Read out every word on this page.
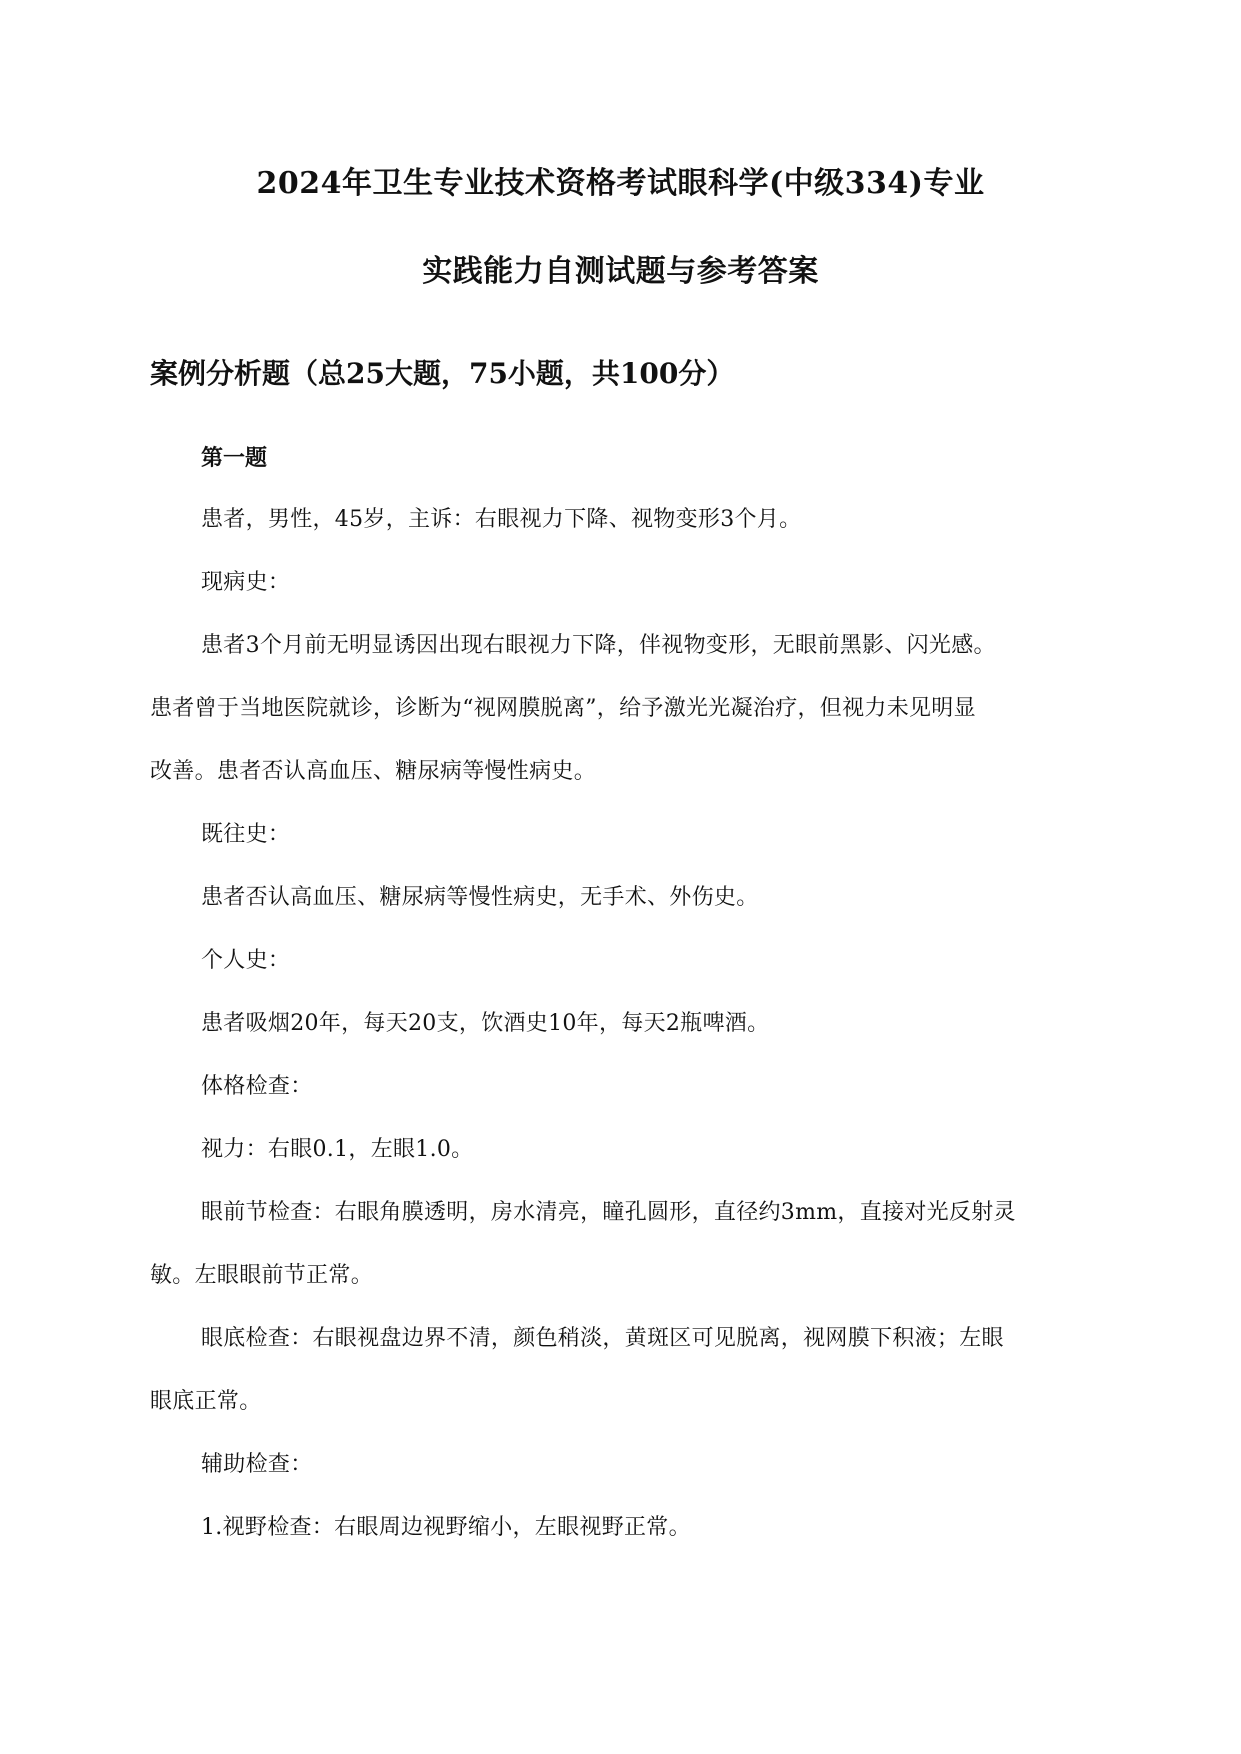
2024年卫生专业技术资格考试眼科学(中级334)专业
实践能力自测试题与参考答案
案例分析题（总25大题，75小题，共100分）
第一题
患者，男性，45岁，主诉：右眼视力下降、视物变形3个月。
现病史：
患者3个月前无明显诱因出现右眼视力下降，伴视物变形，无眼前黑影、闪光感。
患者曾于当地医院就诊，诊断为“视网膜脱离”，给予激光光凝治疗，但视力未见明显
改善。患者否认高血压、糖尿病等慢性病史。
既往史：
患者否认高血压、糖尿病等慢性病史，无手术、外伤史。
个人史：
患者吸烟20年，每天20支，饮酒史10年，每天2瓶啤酒。
体格检查：
视力：右眼0.1，左眼1.0。
眼前节检查：右眼角膜透明，房水清亮，瞳孔圆形，直径约3mm，直接对光反射灵
敏。左眼眼前节正常。
眼底检查：右眼视盘边界不清，颜色稍淡，黄斑区可见脱离，视网膜下积液；左眼
眼底正常。
辅助检查：
1.视野检查：右眼周边视野缩小，左眼视野正常。
